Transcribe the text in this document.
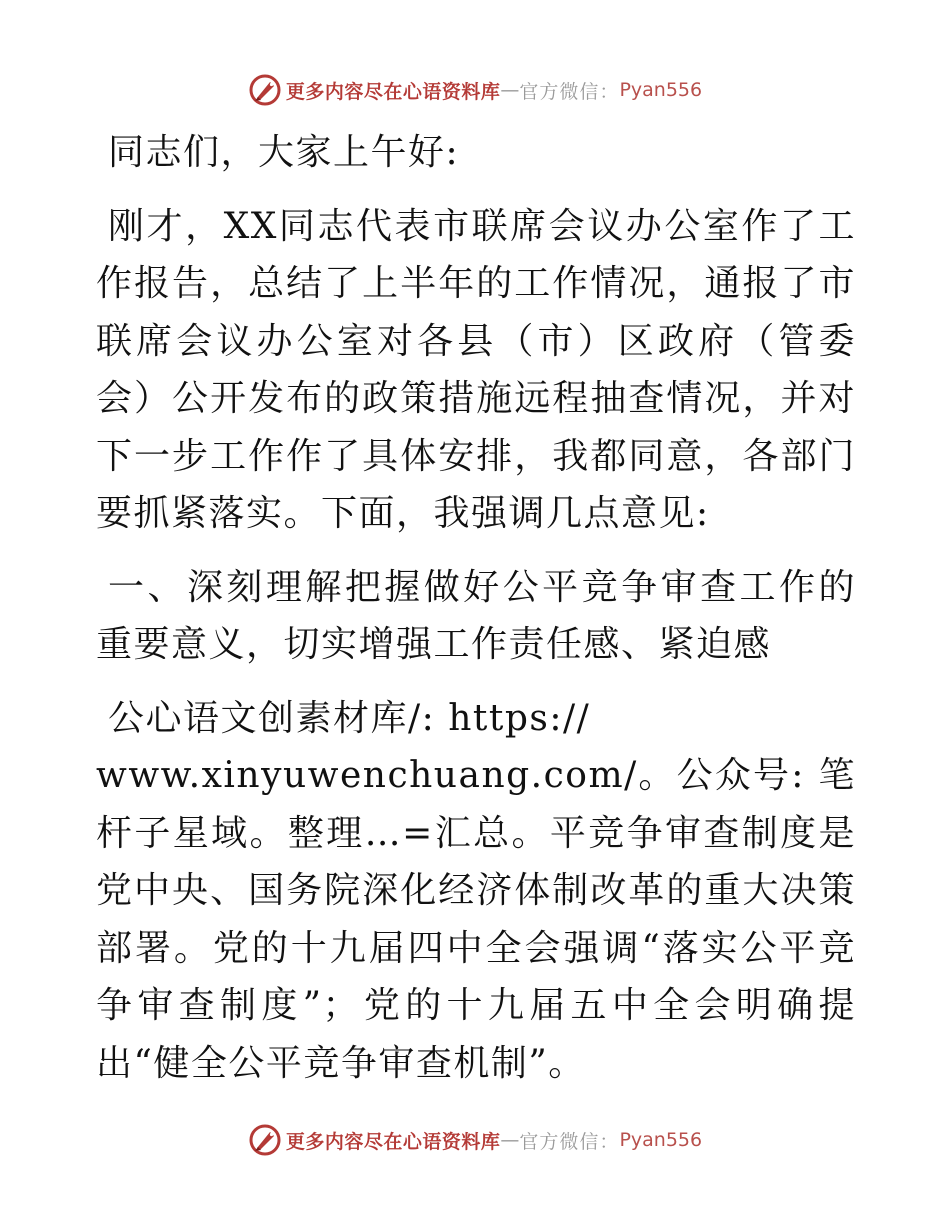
更多内容尽在心语资料库 — 官方微信： Pyan556

同志们，大家上午好:

刚才，XX同志代表市联席会议办公室作了工作报告，总结了上半年的工作情况，通报了市联席会议办公室对各县（市）区政府（管委会）公开发布的政策措施远程抽查情况，并对下一步工作作了具体安排，我都同意，各部门要抓紧落实。下面，我强调几点意见:

一、深刻理解把握做好公平竞争审查工作的重要意义，切实增强工作责任感、紧迫感

公心语文创素材库/: https://

www.xinyuwenchuang.com/。公众号: 笔杆子星域。整理…=汇总。平竞争审查制度是党中央、国务院深化经济体制改革的重大决策部署。党的十九届四中全会强调“落实公平竞争审查制度”；党的十九届五中全会明确提出“健全公平竞争审查机制”。

更多内容尽在心语资料库 — 官方微信： Pyan556
